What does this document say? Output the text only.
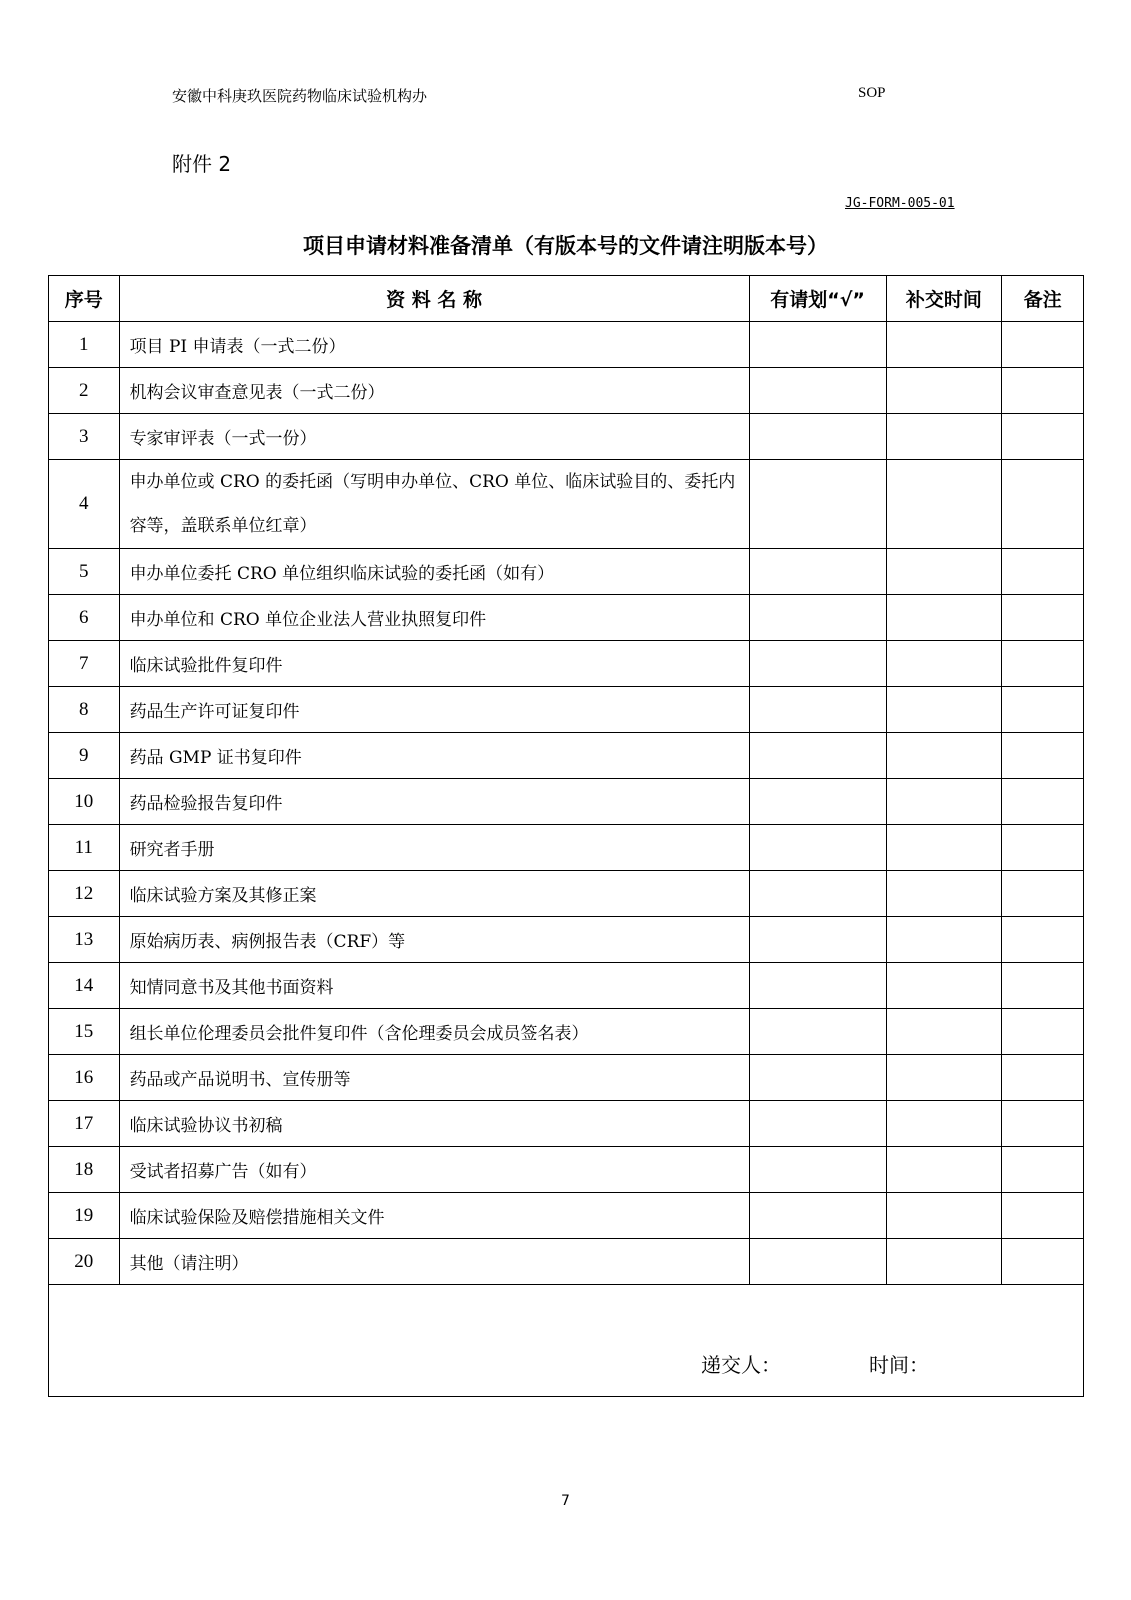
安徽中科庚玖医院药物临床试验机构办	SOP
附件 2
JG-FORM-005-01
项目申请材料准备清单（有版本号的文件请注明版本号）
序号	资 料 名 称	有请划“√”	补交时间	备注
1	项目 PI 申请表（一式二份）			
2	机构会议审查意见表（一式二份）			
3	专家审评表（一式一份）			
4	申办单位或 CRO 的委托函（写明申办单位、CRO 单位、临床试验目的、委托内容等，盖联系单位红章）			
5	申办单位委托 CRO 单位组织临床试验的委托函（如有）			
6	申办单位和 CRO 单位企业法人营业执照复印件			
7	临床试验批件复印件			
8	药品生产许可证复印件			
9	药品 GMP 证书复印件			
10	药品检验报告复印件			
11	研究者手册			
12	临床试验方案及其修正案			
13	原始病历表、病例报告表（CRF）等			
14	知情同意书及其他书面资料			
15	组长单位伦理委员会批件复印件（含伦理委员会成员签名表）			
16	药品或产品说明书、宣传册等			
17	临床试验协议书初稿			
18	受试者招募广告（如有）			
19	临床试验保险及赔偿措施相关文件			
20	其他（请注明）			

递交人： 时间：				
7
